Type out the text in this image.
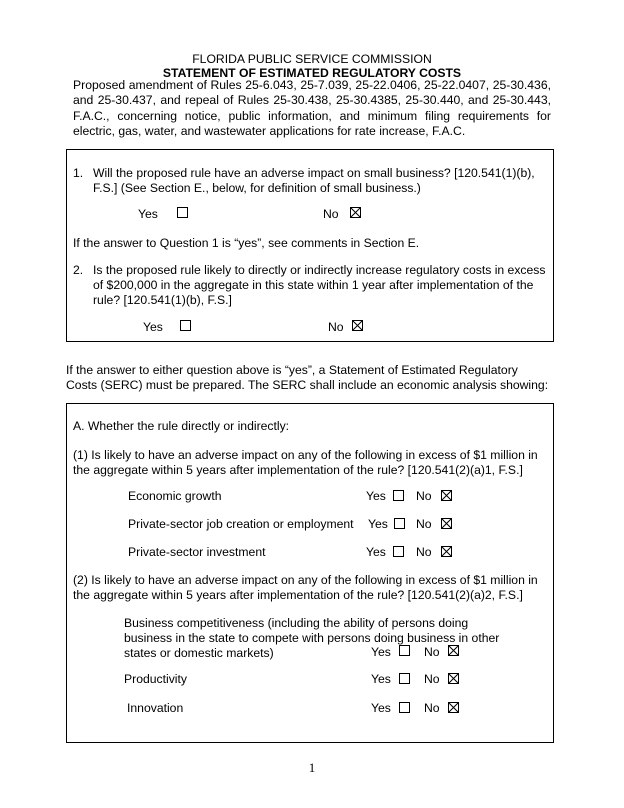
FLORIDA PUBLIC SERVICE COMMISSION
STATEMENT OF ESTIMATED REGULATORY COSTS
Proposed amendment of Rules 25-6.043, 25-7.039, 25-22.0406, 25-22.0407, 25-30.436, and 25-30.437, and repeal of Rules 25-30.438, 25-30.4385, 25-30.440, and 25-30.443, F.A.C., concerning notice, public information, and minimum filing requirements for electric, gas, water, and wastewater applications for rate increase, F.A.C.
1. Will the proposed rule have an adverse impact on small business? [120.541(1)(b),
F.S.] (See Section E., below, for definition of small business.)
Yes	No
If the answer to Question 1 is “yes”, see comments in Section E.
2. Is the proposed rule likely to directly or indirectly increase regulatory costs in excess
of $200,000 in the aggregate in this state within 1 year after implementation of the
rule? [120.541(1)(b), F.S.]
Yes	No
If the answer to either question above is “yes”, a Statement of Estimated Regulatory
Costs (SERC) must be prepared. The SERC shall include an economic analysis showing:
A. Whether the rule directly or indirectly:
(1) Is likely to have an adverse impact on any of the following in excess of $1 million in
the aggregate within 5 years after implementation of the rule? [120.541(2)(a)1, F.S.]
Economic growth	Yes No
Private-sector job creation or employment Yes No
Private-sector investment	Yes No
(2) Is likely to have an adverse impact on any of the following in excess of $1 million in
the aggregate within 5 years after implementation of the rule? [120.541(2)(a)2, F.S.]
Business competitiveness (including the ability of persons doing
business in the state to compete with persons doing business in other
states or domestic markets)	Yes	No
Productivity	Yes	No
Innovation	Yes	No
1
